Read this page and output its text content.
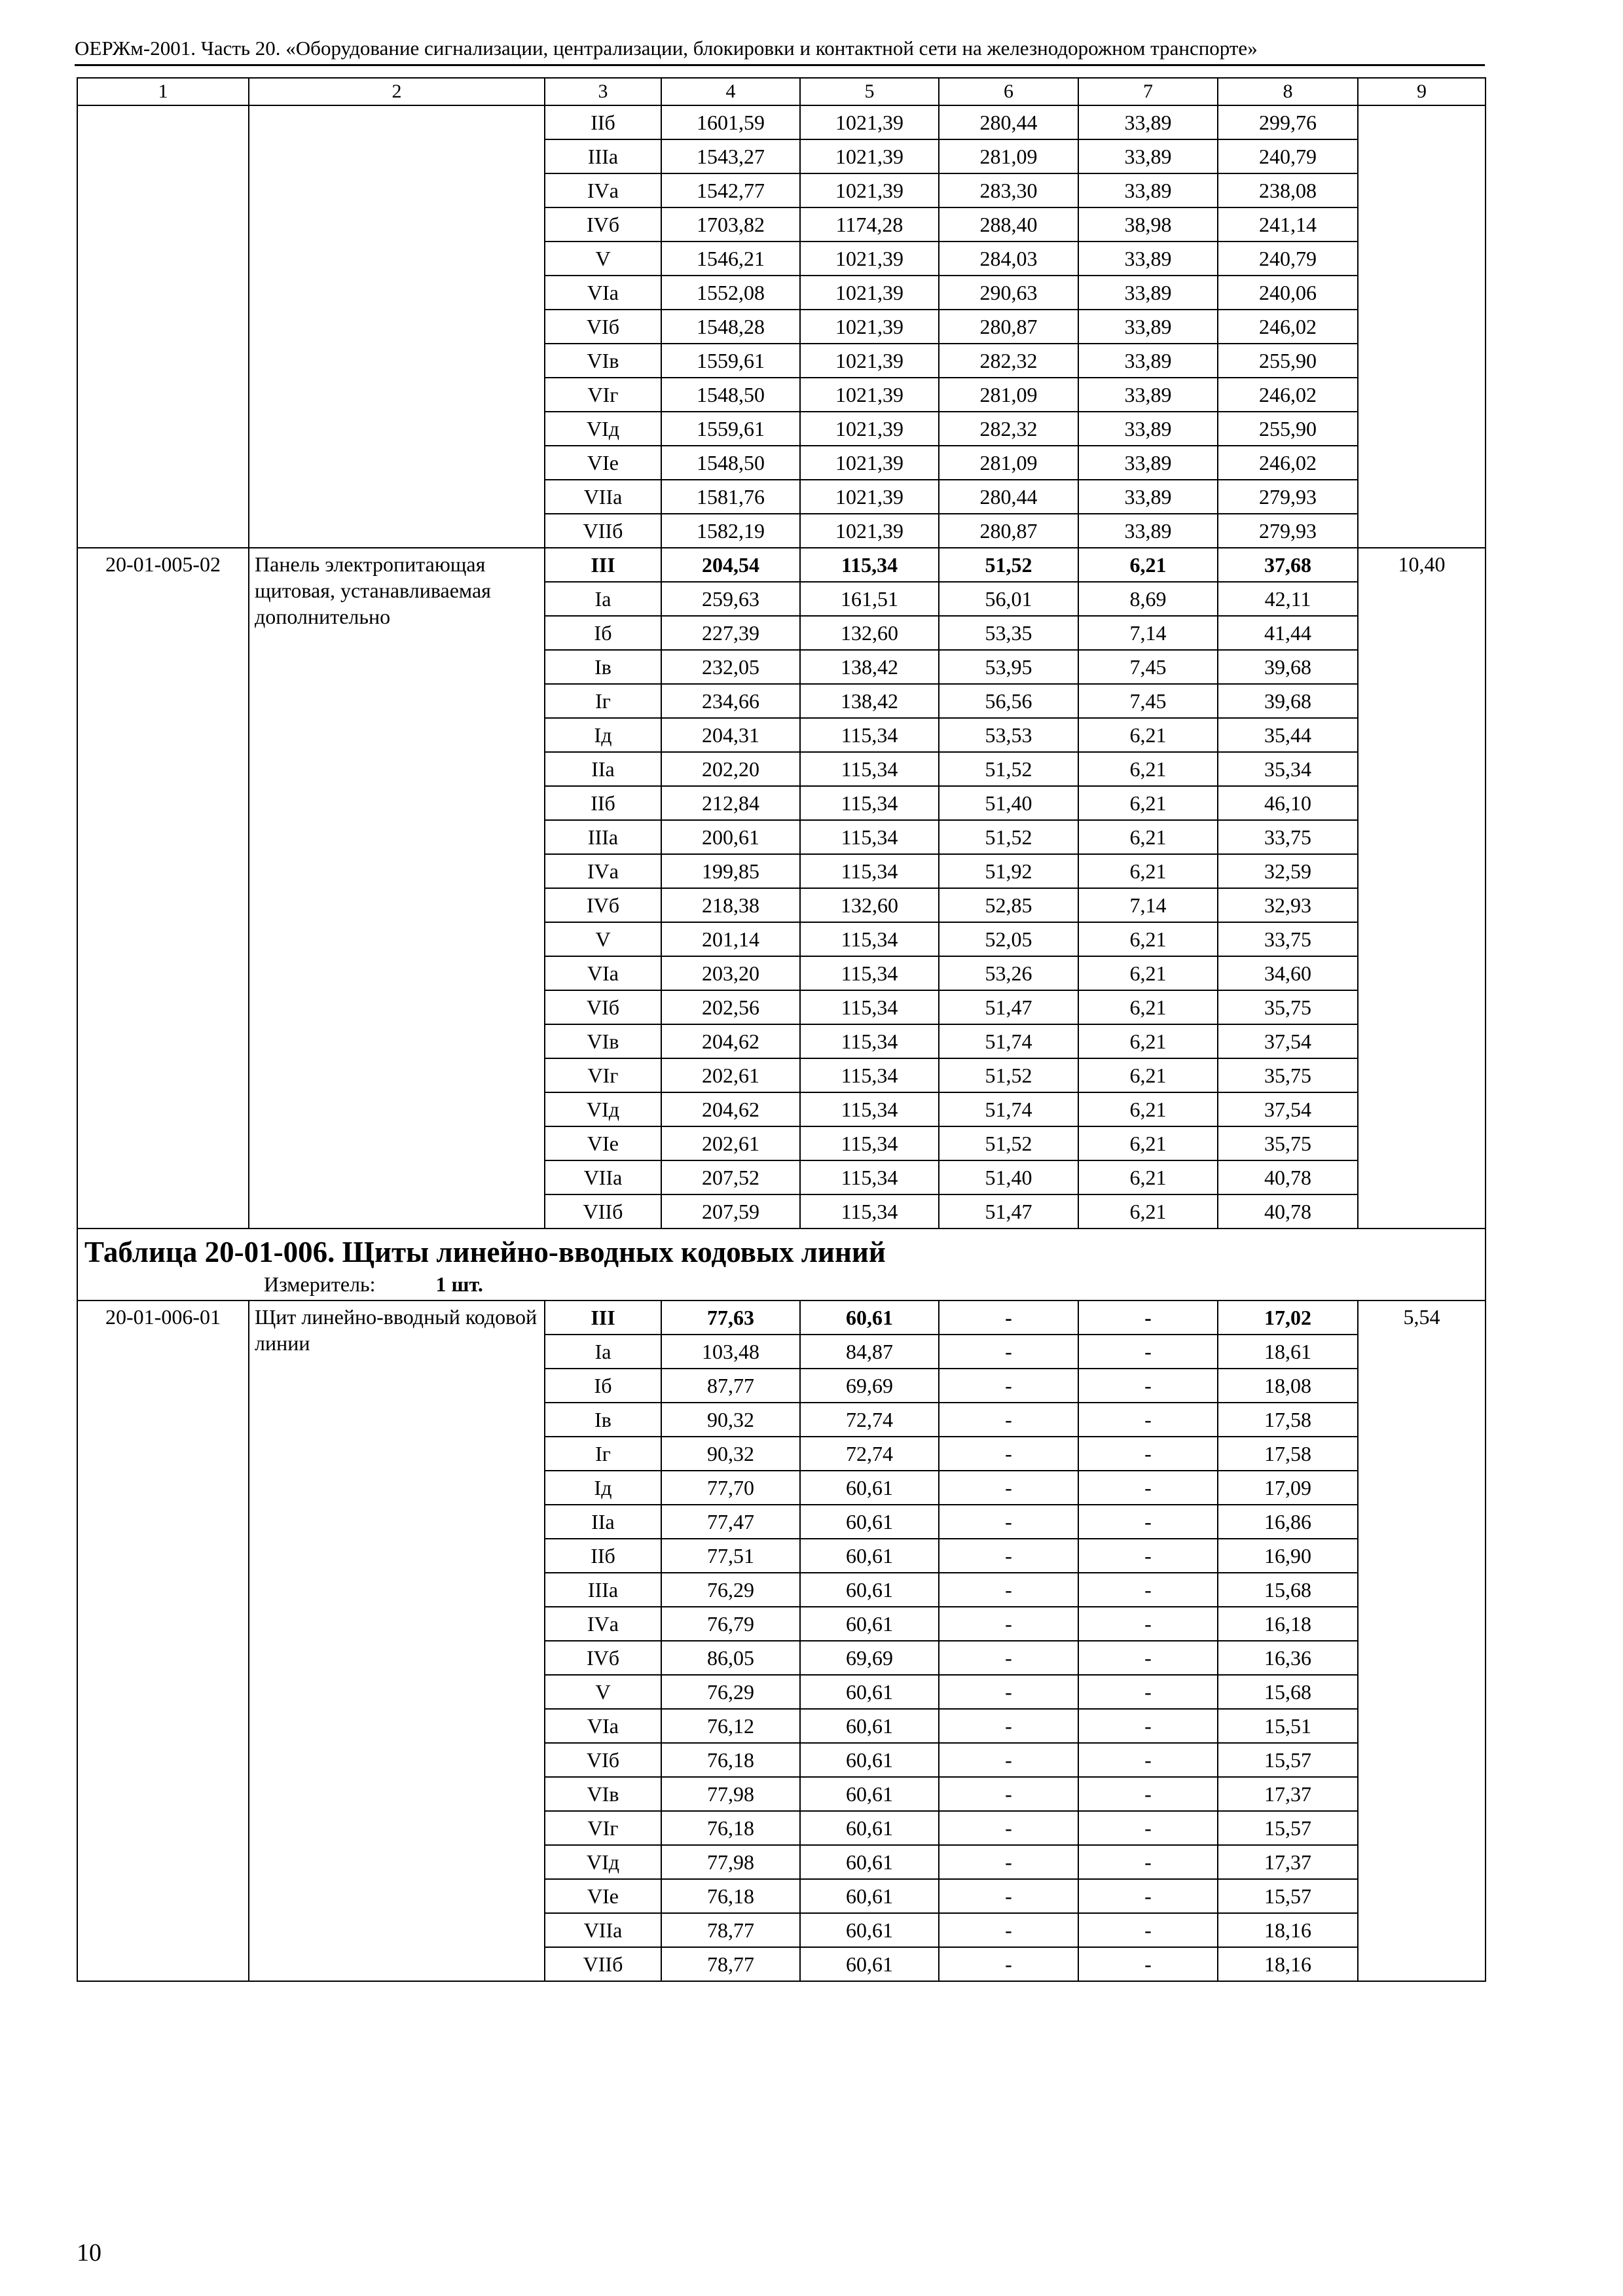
ОЕРЖм-2001. Часть 20. «Оборудование сигнализации, централизации, блокировки и контактной сети на железнодорожном транспорте»
1	2	3	4	5	6	7	8	9
		IIб	1601,59	1021,39	280,44	33,89	299,76	
		IIIа	1543,27	1021,39	281,09	33,89	240,79	
		IVа	1542,77	1021,39	283,30	33,89	238,08	
		IVб	1703,82	1174,28	288,40	38,98	241,14	
		V	1546,21	1021,39	284,03	33,89	240,79	
		VIа	1552,08	1021,39	290,63	33,89	240,06	
		VIб	1548,28	1021,39	280,87	33,89	246,02	
		VIв	1559,61	1021,39	282,32	33,89	255,90	
		VIг	1548,50	1021,39	281,09	33,89	246,02	
		VIд	1559,61	1021,39	282,32	33,89	255,90	
		VIе	1548,50	1021,39	281,09	33,89	246,02	
		VIIа	1581,76	1021,39	280,44	33,89	279,93	
		VIIб	1582,19	1021,39	280,87	33,89	279,93	
20-01-005-02	Панель электропитающая щитовая, устанавливаемая дополнительно	III	204,54	115,34	51,52	6,21	37,68	10,40
		Iа	259,63	161,51	56,01	8,69	42,11	
		Iб	227,39	132,60	53,35	7,14	41,44	
		Iв	232,05	138,42	53,95	7,45	39,68	
		Iг	234,66	138,42	56,56	7,45	39,68	
		Iд	204,31	115,34	53,53	6,21	35,44	
		IIа	202,20	115,34	51,52	6,21	35,34	
		IIб	212,84	115,34	51,40	6,21	46,10	
		IIIа	200,61	115,34	51,52	6,21	33,75	
		IVа	199,85	115,34	51,92	6,21	32,59	
		IVб	218,38	132,60	52,85	7,14	32,93	
		V	201,14	115,34	52,05	6,21	33,75	
		VIа	203,20	115,34	53,26	6,21	34,60	
		VIб	202,56	115,34	51,47	6,21	35,75	
		VIв	204,62	115,34	51,74	6,21	37,54	
		VIг	202,61	115,34	51,52	6,21	35,75	
		VIд	204,62	115,34	51,74	6,21	37,54	
		VIе	202,61	115,34	51,52	6,21	35,75	
		VIIа	207,52	115,34	51,40	6,21	40,78	
		VIIб	207,59	115,34	51,47	6,21	40,78	

Таблица 20-01-006. Щиты линейно-вводных кодовых линий
Измеритель: 1 шт.								

20-01-006-01	Щит линейно-вводный кодовой линии	III	77,63	60,61	-	-	17,02	5,54
		Iа	103,48	84,87	-	-	18,61	
		Iб	87,77	69,69	-	-	18,08	
		Iв	90,32	72,74	-	-	17,58	
		Iг	90,32	72,74	-	-	17,58	
		Iд	77,70	60,61	-	-	17,09	
		IIа	77,47	60,61	-	-	16,86	
		IIб	77,51	60,61	-	-	16,90	
		IIIа	76,29	60,61	-	-	15,68	
		IVа	76,79	60,61	-	-	16,18	
		IVб	86,05	69,69	-	-	16,36	
		V	76,29	60,61	-	-	15,68	
		VIа	76,12	60,61	-	-	15,51	
		VIб	76,18	60,61	-	-	15,57	
		VIв	77,98	60,61	-	-	17,37	
		VIг	76,18	60,61	-	-	15,57	
		VIд	77,98	60,61	-	-	17,37	
		VIе	76,18	60,61	-	-	15,57	
		VIIа	78,77	60,61	-	-	18,16	
		VIIб	78,77	60,61	-	-	18,16	
10
